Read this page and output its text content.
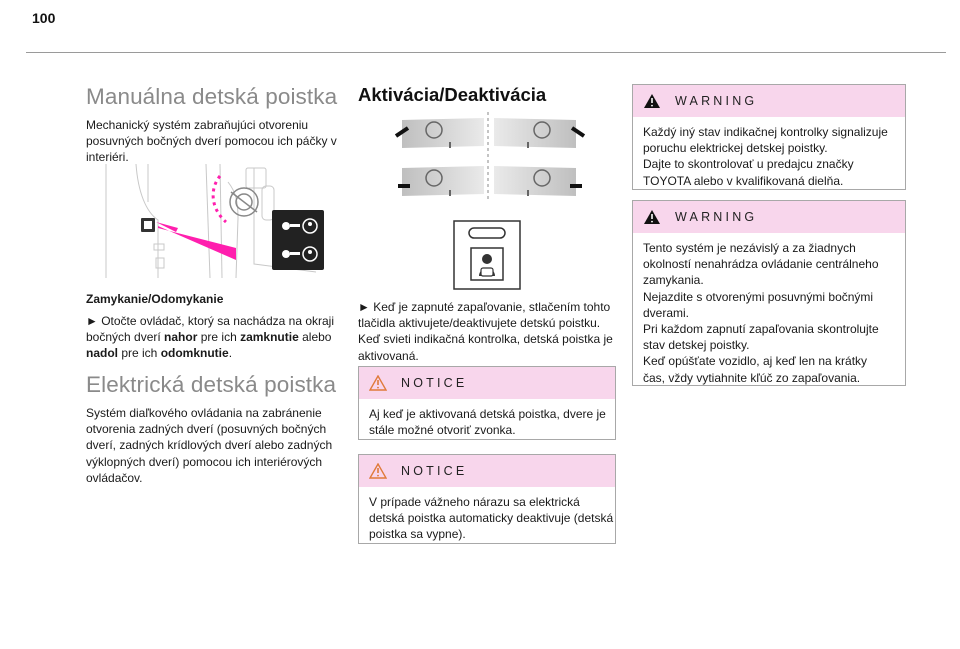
100
Manuálna detská poistka

Mechanický systém zabraňujúci otvoreniu
posuvných bočných dverí pomocou ich páčky v
interiéri.

Zamykanie/Odomykanie

► Otočte ovládač, ktorý sa nachádza na okraji
bočných dverí nahor pre ich zamknutie alebo
nadol pre ich odomknutie.

Elektrická detská poistka

Systém diaľkového ovládania na zabránenie
otvorenia zadných dverí (posuvných bočných
dverí, zadných krídlových dverí alebo zadných
výklopných dverí) pomocou ich interiérových
ovládačov.

Aktivácia/Deaktivácia

► Keď je zapnuté zapaľovanie, stlačením tohto
tlačidla aktivujete/deaktivujete detskú poistku.
Keď svieti indikačná kontrolka, detská poistka je
aktivovaná.

NOTICE
Aj keď je aktivovaná detská poistka, dvere je
stále možné otvoriť zvonka.
NOTICE
V prípade vážneho nárazu sa elektrická
detská poistka automaticky deaktivuje (detská
poistka sa vypne).
WARNING
Každý iný stav indikačnej kontrolky signalizuje
poruchu elektrickej detskej poistky.
Dajte to skontrolovať u predajcu značky
TOYOTA alebo v kvalifikovaná dielňa.
WARNING
Tento systém je nezávislý a za žiadnych
okolností nenahrádza ovládanie centrálneho
zamykania.
Nejazdite s otvorenými posuvnými bočnými
dverami.
Pri každom zapnutí zapaľovania skontrolujte
stav detskej poistky.
Keď opúšťate vozidlo, aj keď len na krátky
čas, vždy vytiahnite kľúč zo zapaľovania.
